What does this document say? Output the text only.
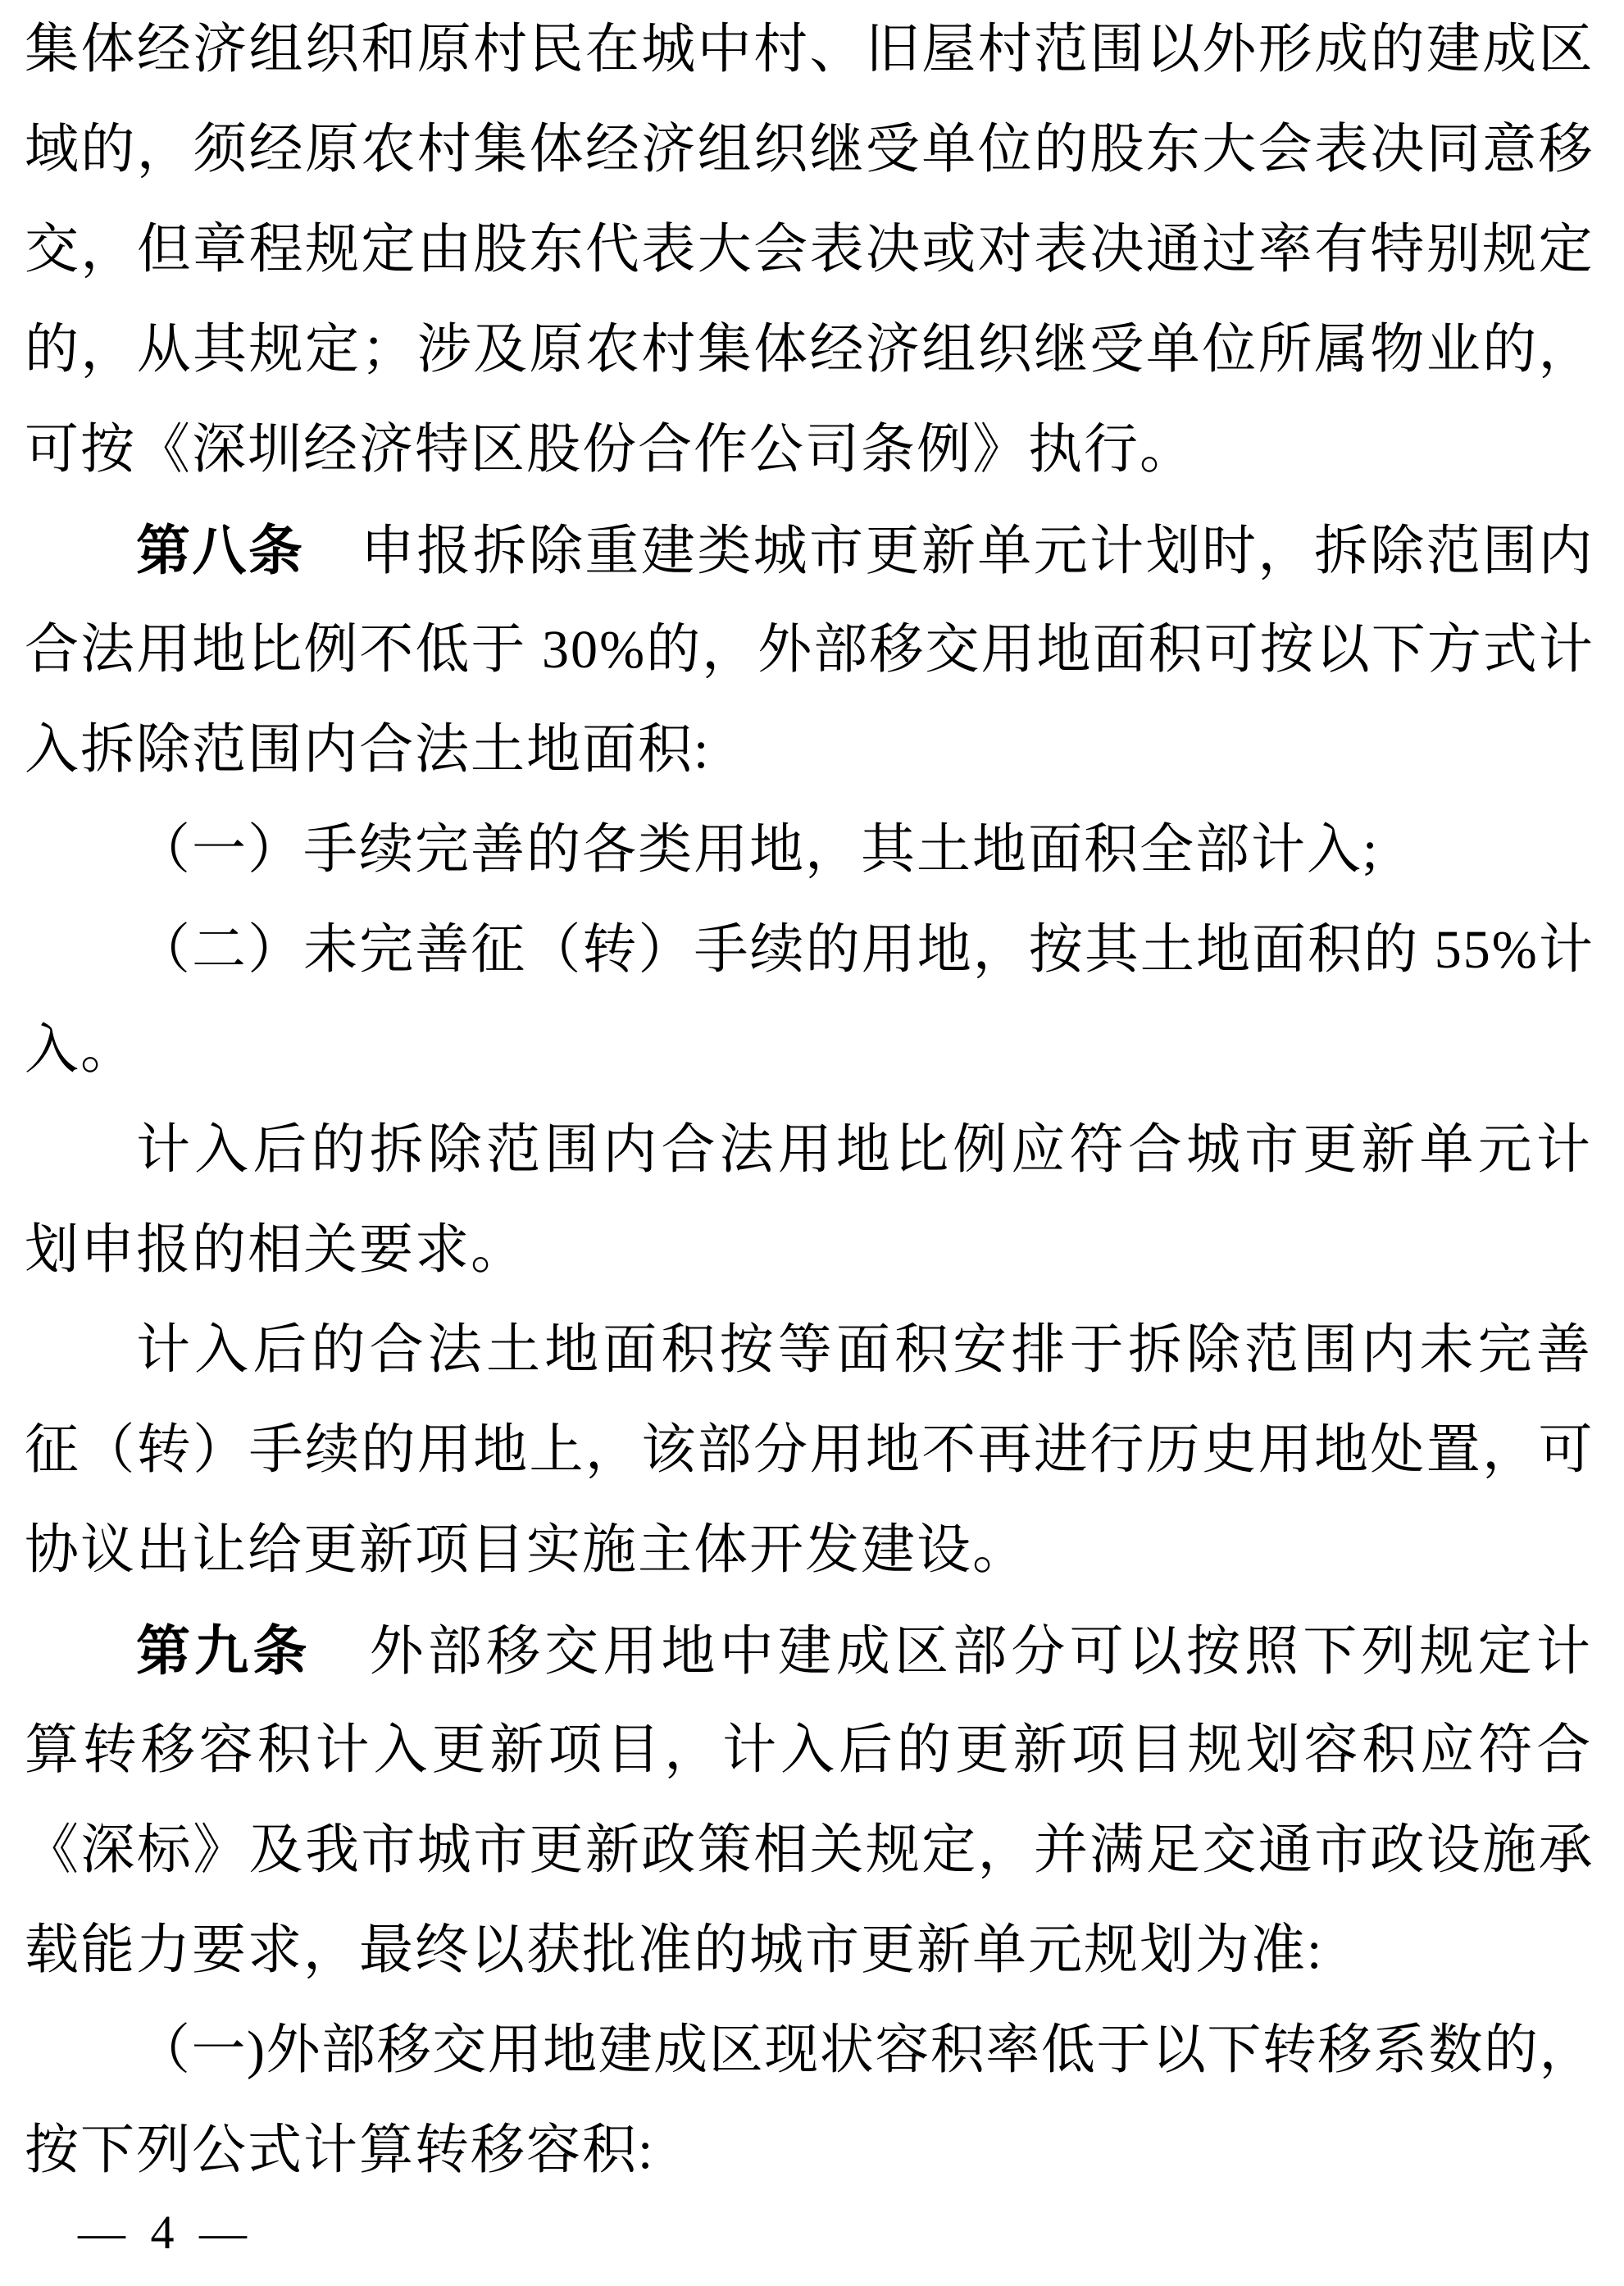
集体经济组织和原村民在城中村、旧屋村范围以外形成的建成区
域的，须经原农村集体经济组织继受单位的股东大会表决同意移
交，但章程规定由股东代表大会表决或对表决通过率有特别规定
的，从其规定；涉及原农村集体经济组织继受单位所属物业的，
可按《深圳经济特区股份合作公司条例》执行。
第八条　申报拆除重建类城市更新单元计划时，拆除范围内
合法用地比例不低于 30%的，外部移交用地面积可按以下方式计
入拆除范围内合法土地面积:
（一）手续完善的各类用地，其土地面积全部计入;
（二）未完善征（转）手续的用地，按其土地面积的 55%计
入。
计入后的拆除范围内合法用地比例应符合城市更新单元计
划申报的相关要求。
计入后的合法土地面积按等面积安排于拆除范围内未完善
征（转）手续的用地上，该部分用地不再进行历史用地处置，可
协议出让给更新项目实施主体开发建设。
第九条　外部移交用地中建成区部分可以按照下列规定计
算转移容积计入更新项目，计入后的更新项目规划容积应符合
《深标》及我市城市更新政策相关规定，并满足交通市政设施承
载能力要求，最终以获批准的城市更新单元规划为准:
（一)外部移交用地建成区现状容积率低于以下转移系数的，
按下列公式计算转移容积:
— 4 —
